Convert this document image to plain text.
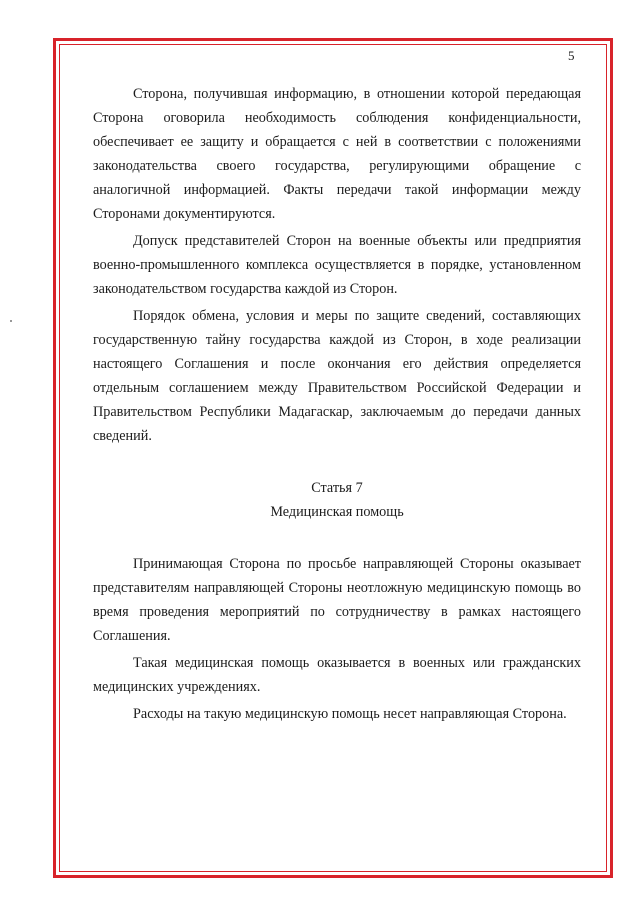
5

Сторона, получившая информацию, в отношении которой передающая Сторона оговорила необходимость соблюдения конфиденциальности, обеспечивает ее защиту и обращается с ней в соответствии с положениями законодательства своего государства, регулирующими обращение с аналогичной информацией. Факты передачи такой информации между Сторонами документируются.

Допуск представителей Сторон на военные объекты или предприятия военно-промышленного комплекса осуществляется в порядке, установленном законодательством государства каждой из Сторон.

Порядок обмена, условия и меры по защите сведений, составляющих государственную тайну государства каждой из Сторон, в ходе реализации настоящего Соглашения и после окончания его действия определяется отдельным соглашением между Правительством Российской Федерации и Правительством Республики Мадагаскар, заключаемым до передачи данных сведений.

Статья 7
Медицинская помощь

Принимающая Сторона по просьбе направляющей Стороны оказывает представителям направляющей Стороны неотложную медицинскую помощь во время проведения мероприятий по сотрудничеству в рамках настоящего Соглашения.

Такая медицинская помощь оказывается в военных или гражданских медицинских учреждениях.

Расходы на такую медицинскую помощь несет направляющая Сторона.
